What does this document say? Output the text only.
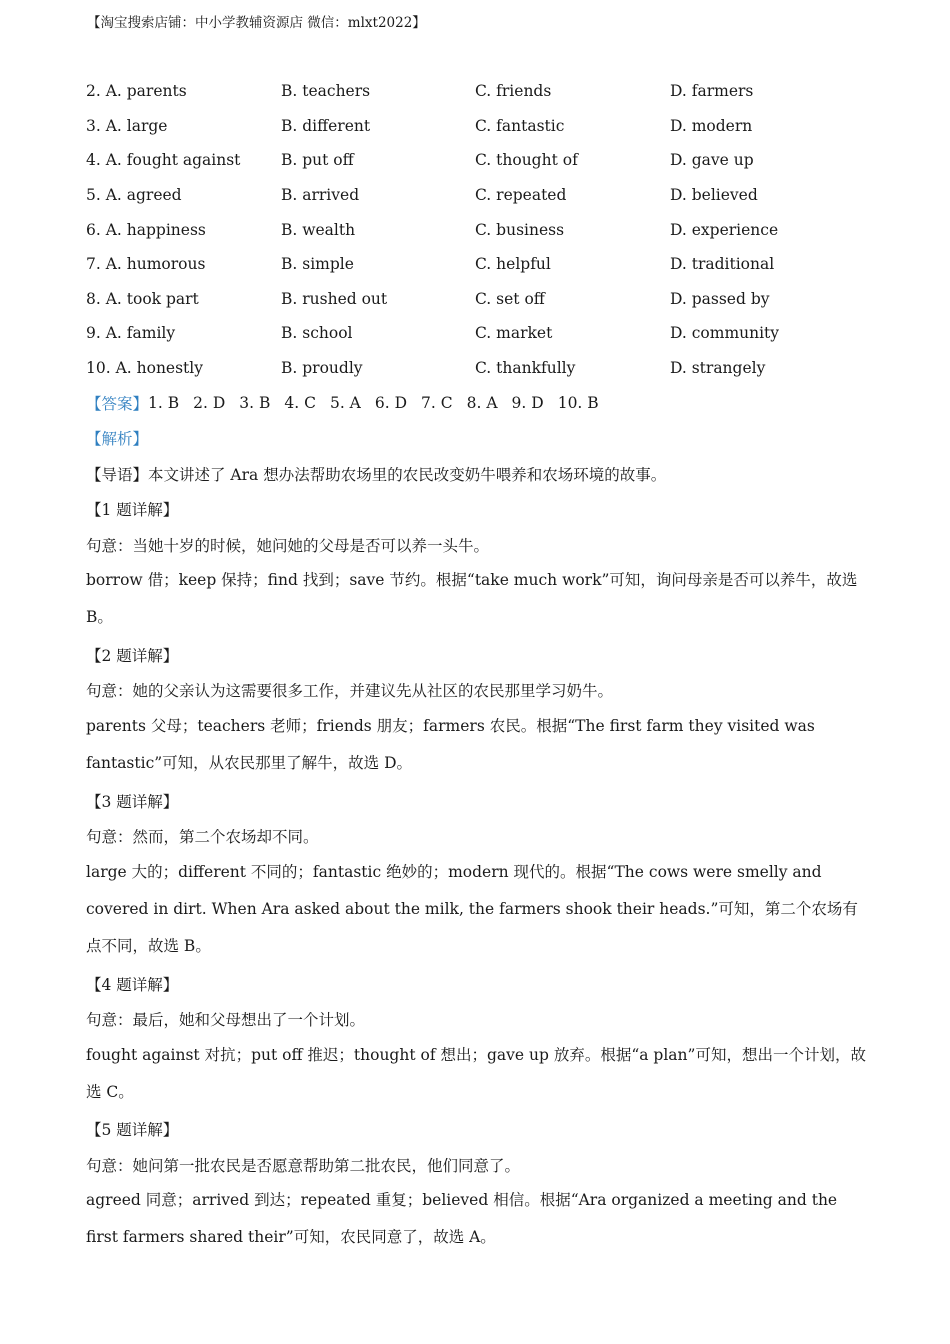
【淘宝搜索店铺：中小学教辅资源店 微信：mlxt2022】
2. A. parents	B. teachers	C. friends	D. farmers
3. A. large	B. different	C. fantastic	D. modern
4. A. fought against	B. put off	C. thought of	D. gave up
5. A. agreed	B. arrived	C. repeated	D. believed
6. A. happiness	B. wealth	C. business	D. experience
7. A. humorous	B. simple	C. helpful	D. traditional
8. A. took part	B. rushed out	C. set off	D. passed by
9. A. family	B. school	C. market	D. community
10. A. honestly	B. proudly	C. thankfully	D. strangely
【答案】 1. B 2. D 3. B 4. C 5. A 6. D 7. C 8. A 9. D 10. B
【解析】
【导语】本文讲述了 Ara 想办法帮助农场里的农民改变奶牛喂养和农场环境的故事。
【1 题详解】
句意：当她十岁的时候，她问她的父母是否可以养一头牛。
borrow 借；keep 保持；find 找到；save 节约。根据“take much work”可知，询问母亲是否可以养牛，故选 B。
【2 题详解】
句意：她的父亲认为这需要很多工作，并建议先从社区的农民那里学习奶牛。
parents 父母；teachers 老师；friends 朋友；farmers 农民。根据“The first farm they visited was fantastic”可知，从农民那里了解牛，故选 D。
【3 题详解】
句意：然而，第二个农场却不同。
large 大的；different 不同的；fantastic 绝妙的；modern 现代的。根据“The cows were smelly and covered in dirt. When Ara asked about the milk, the farmers shook their heads.”可知，第二个农场有点不同，故选 B。
【4 题详解】
句意：最后，她和父母想出了一个计划。
fought against 对抗；put off 推迟；thought of 想出；gave up 放弃。根据“a plan”可知，想出一个计划，故选 C。
【5 题详解】
句意：她问第一批农民是否愿意帮助第二批农民，他们同意了。
agreed 同意；arrived 到达；repeated 重复；believed 相信。根据“Ara organized a meeting and the first farmers shared their”可知，农民同意了，故选 A。
